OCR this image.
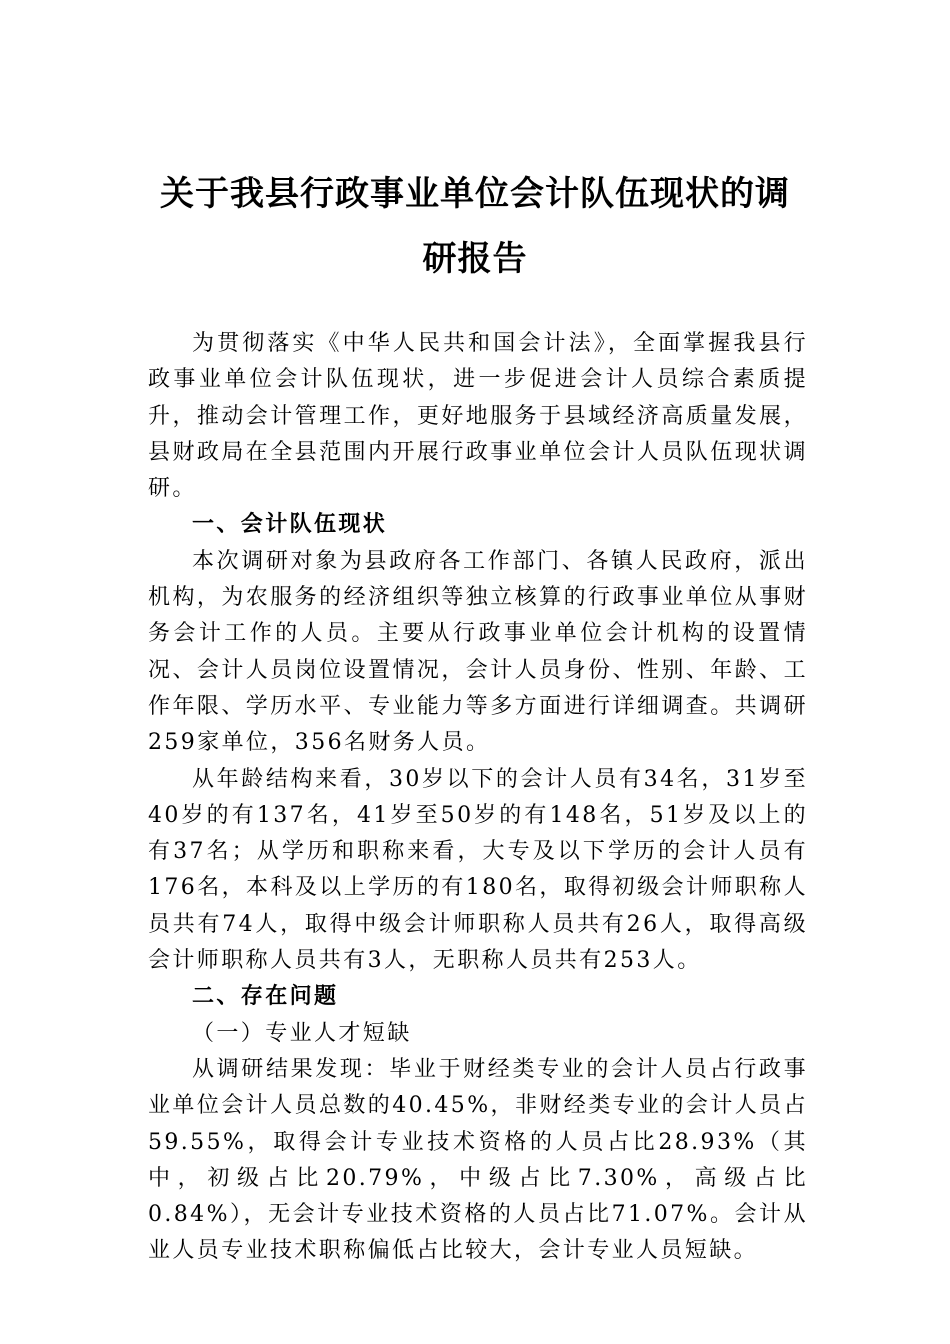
关于我县行政事业单位会计队伍现状的调
研报告

为贯彻落实《中华人民共和国会计法》，全面掌握我县行政事业单位会计队伍现状，进一步促进会计人员综合素质提升，推动会计管理工作，更好地服务于县域经济高质量发展，县财政局在全县范围内开展行政事业单位会计人员队伍现状调研。

一、会计队伍现状

本次调研对象为县政府各工作部门、各镇人民政府，派出机构，为农服务的经济组织等独立核算的行政事业单位从事财务会计工作的人员。主要从行政事业单位会计机构的设置情况、会计人员岗位设置情况，会计人员身份、性别、年龄、工作年限、学历水平、专业能力等多方面进行详细调查。共调研259家单位，356名财务人员。

从年龄结构来看，30岁以下的会计人员有34名，31岁至40岁的有137名，41岁至50岁的有148名，51岁及以上的有37名；从学历和职称来看，大专及以下学历的会计人员有176名，本科及以上学历的有180名，取得初级会计师职称人员共有74人，取得中级会计师职称人员共有26人，取得高级会计师职称人员共有3人，无职称人员共有253人。

二、存在问题
（一）专业人才短缺

从调研结果发现：毕业于财经类专业的会计人员占行政事业单位会计人员总数的40.45%，非财经类专业的会计人员占59.55%，取得会计专业技术资格的人员占比28.93%（其中，初级占比20.79%，中级占比7.30%，高级占比0.84%），无会计专业技术资格的人员占比71.07%。会计从业人员专业技术职称偏低占比较大，会计专业人员短缺。
